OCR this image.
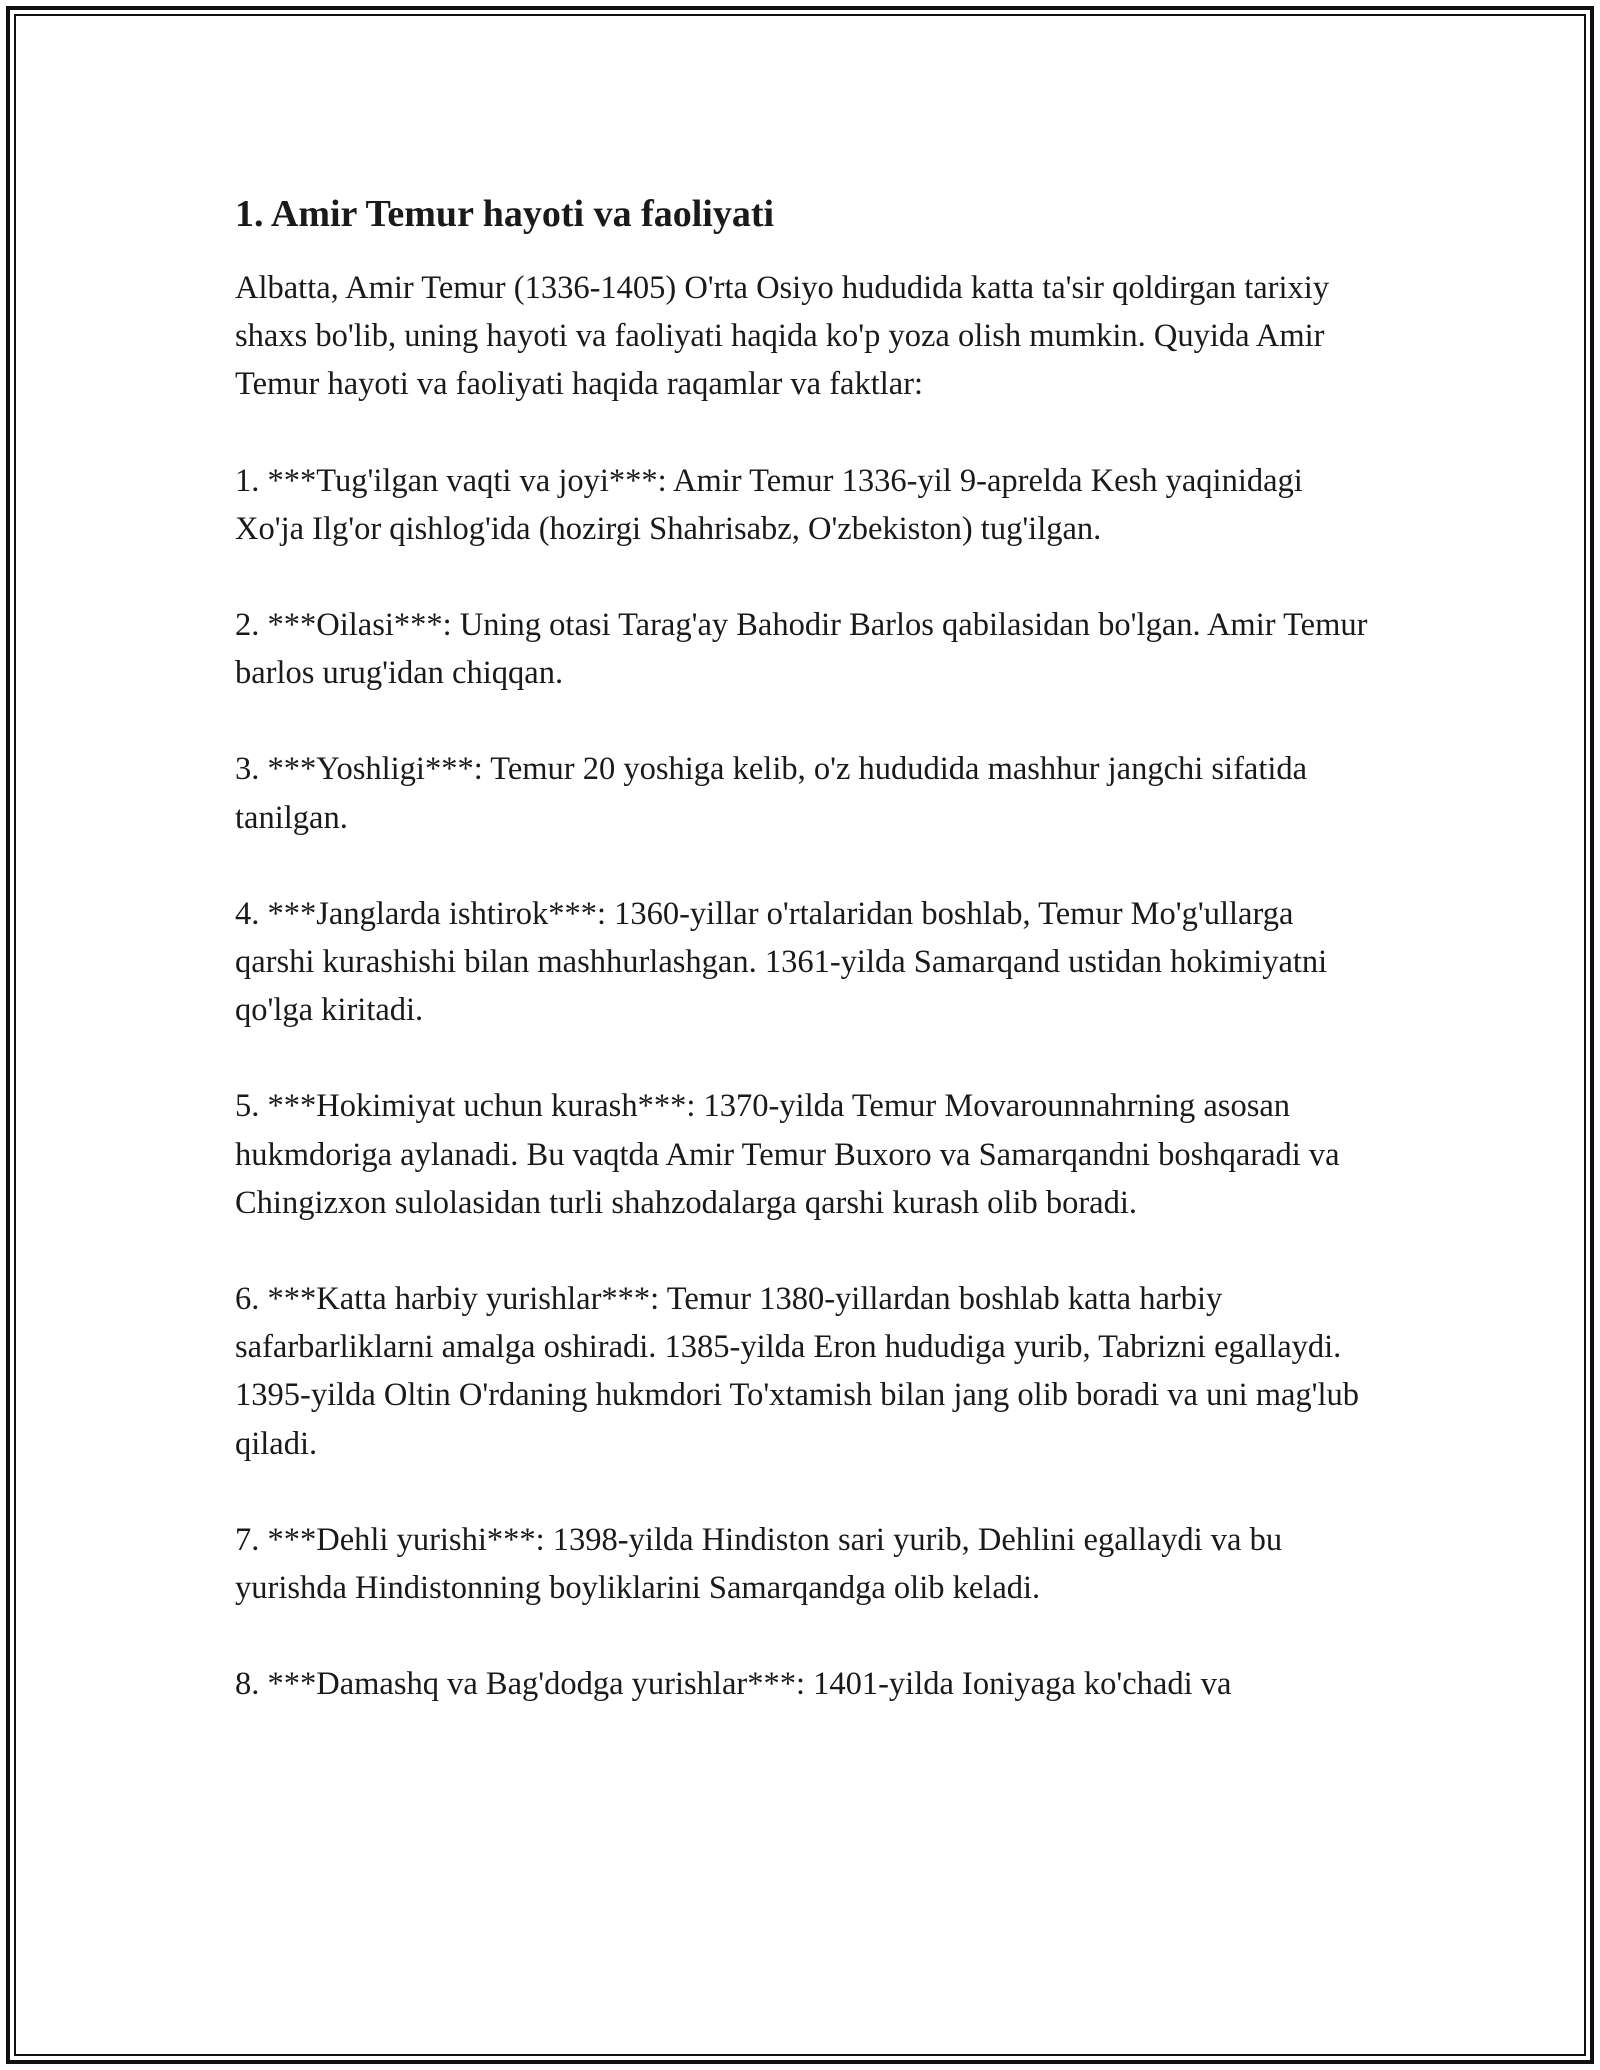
1. Amir Temur hayoti va faoliyati

Albatta, Amir Temur (1336-1405) O'rta Osiyo hududida katta ta'sir qoldirgan tarixiy shaxs bo'lib, uning hayoti va faoliyati haqida ko'p yoza olish mumkin. Quyida Amir Temur hayoti va faoliyati haqida raqamlar va faktlar:

1. ***Tug'ilgan vaqti va joyi***: Amir Temur 1336-yil 9-aprelda Kesh yaqinidagi Xo'ja Ilg'or qishlog'ida (hozirgi Shahrisabz, O'zbekiston) tug'ilgan.

2. ***Oilasi***: Uning otasi Tarag'ay Bahodir Barlos qabilasidan bo'lgan. Amir Temur barlos urug'idan chiqqan.

3. ***Yoshligi***: Temur 20 yoshiga kelib, o'z hududida mashhur jangchi sifatida tanilgan.

4. ***Janglarda ishtirok***: 1360-yillar o'rtalaridan boshlab, Temur Mo'g'ullarga qarshi kurashishi bilan mashhurlashgan. 1361-yilda Samarqand ustidan hokimiyatni qo'lga kiritadi.

5. ***Hokimiyat uchun kurash***: 1370-yilda Temur Movarounnahrning asosan hukmdoriga aylanadi. Bu vaqtda Amir Temur Buxoro va Samarqandni boshqaradi va Chingizxon sulolasidan turli shahzodalarga qarshi kurash olib boradi.

6. ***Katta harbiy yurishlar***: Temur 1380-yillardan boshlab katta harbiy safarbarliklarni amalga oshiradi. 1385-yilda Eron hududiga yurib, Tabrizni egallaydi. 1395-yilda Oltin O'rdaning hukmdori To'xtamish bilan jang olib boradi va uni mag'lub qiladi.

7. ***Dehli yurishi***: 1398-yilda Hindiston sari yurib, Dehlini egallaydi va bu yurishda Hindistonning boyliklarini Samarqandga olib keladi.

8. ***Damashq va Bag'dodga yurishlar***: 1401-yilda Ioniyaga ko'chadi va
